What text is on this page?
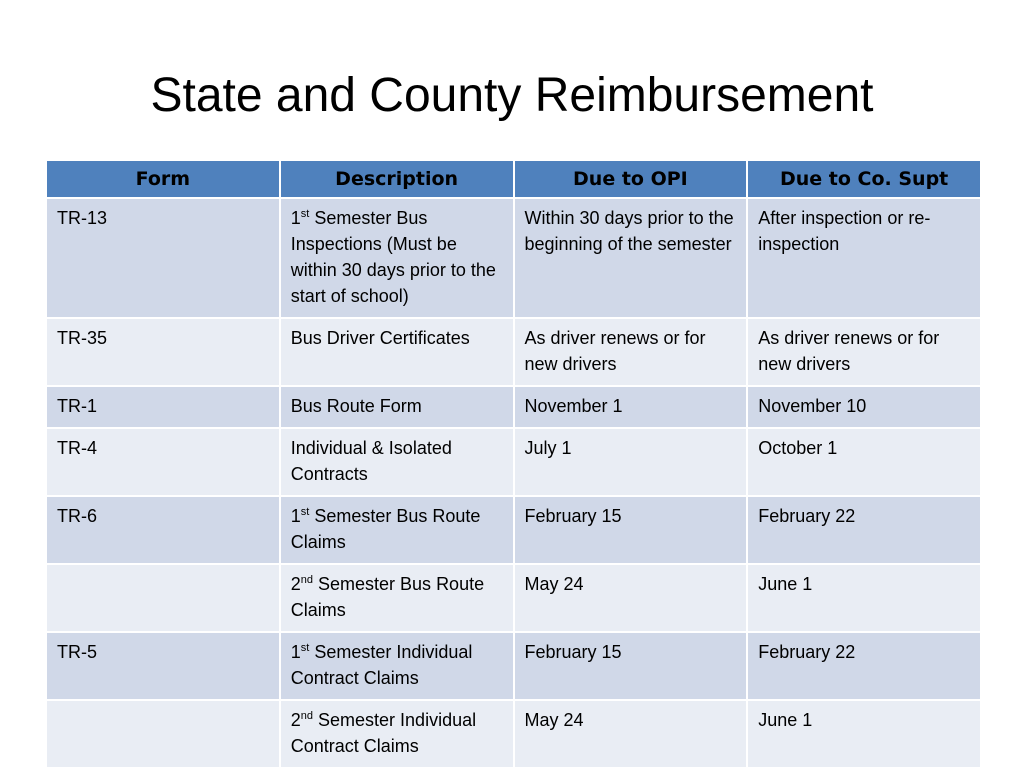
State and County Reimbursement
Form	Description	Due to OPI	Due to Co. Supt
TR-13	1st Semester Bus Inspections (Must be within 30 days prior to the start of school)	Within 30 days prior to the beginning of the semester	After inspection or re-inspection
TR-35	Bus Driver Certificates	As driver renews or for new drivers	As driver renews or for new drivers
TR-1	Bus Route Form	November 1	November 10
TR-4	Individual & Isolated Contracts	July 1	October 1
TR-6	1st Semester Bus Route Claims	February 15	February 22
	2nd Semester Bus Route Claims	May 24	June 1
TR-5	1st Semester Individual Contract Claims	February 15	February 22
	2nd Semester Individual Contract Claims	May 24	June 1
